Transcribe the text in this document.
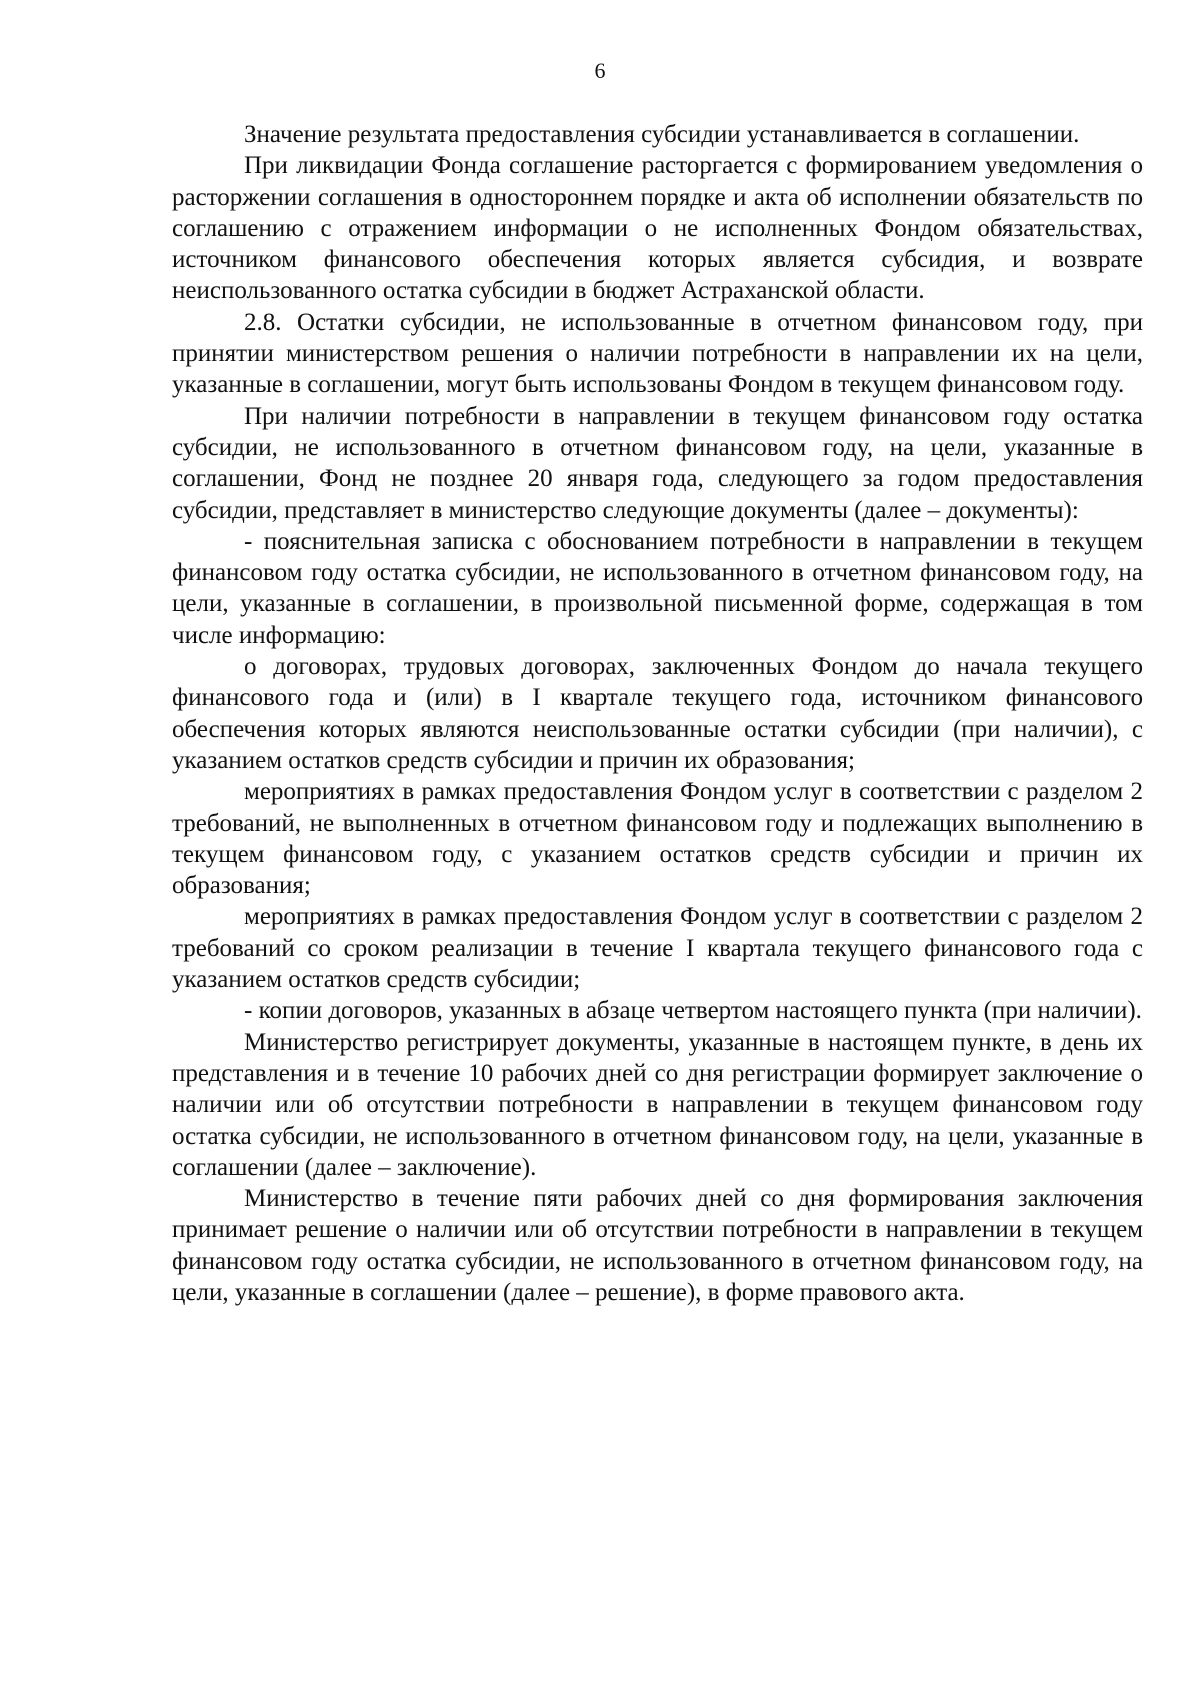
6

Значение результата предоставления субсидии устанавливается в соглашении.

При ликвидации Фонда соглашение расторгается с формированием уведомления о расторжении соглашения в одностороннем порядке и акта об исполнении обязательств по соглашению с отражением информации о не исполненных Фондом обязательствах, источником финансового обеспечения которых является субсидия, и возврате неиспользованного остатка субсидии в бюджет Астраханской области.

2.8. Остатки субсидии, не использованные в отчетном финансовом году, при принятии министерством решения о наличии потребности в направлении их на цели, указанные в соглашении, могут быть использованы Фондом в текущем финансовом году.

При наличии потребности в направлении в текущем финансовом году остатка субсидии, не использованного в отчетном финансовом году, на цели, указанные в соглашении, Фонд не позднее 20 января года, следующего за годом предоставления субсидии, представляет в министерство следующие документы (далее – документы):

- пояснительная записка с обоснованием потребности в направлении в текущем финансовом году остатка субсидии, не использованного в отчетном финансовом году, на цели, указанные в соглашении, в произвольной письменной форме, содержащая в том числе информацию:

о договорах, трудовых договорах, заключенных Фондом до начала текущего финансового года и (или) в I квартале текущего года, источником финансового обеспечения которых являются неиспользованные остатки субсидии (при наличии), с указанием остатков средств субсидии и причин их образования;

мероприятиях в рамках предоставления Фондом услуг в соответствии с разделом 2 требований, не выполненных в отчетном финансовом году и подлежащих выполнению в текущем финансовом году, с указанием остатков средств субсидии и причин их образования;

мероприятиях в рамках предоставления Фондом услуг в соответствии с разделом 2 требований со сроком реализации в течение I квартала текущего финансового года с указанием остатков средств субсидии;

- копии договоров, указанных в абзаце четвертом настоящего пункта (при наличии).

Министерство регистрирует документы, указанные в настоящем пункте, в день их представления и в течение 10 рабочих дней со дня регистрации формирует заключение о наличии или об отсутствии потребности в направлении в текущем финансовом году остатка субсидии, не использованного в отчетном финансовом году, на цели, указанные в соглашении (далее – заключение).

Министерство в течение пяти рабочих дней со дня формирования заключения принимает решение о наличии или об отсутствии потребности в направлении в текущем финансовом году остатка субсидии, не использованного в отчетном финансовом году, на цели, указанные в соглашении (далее – решение), в форме правового акта.
